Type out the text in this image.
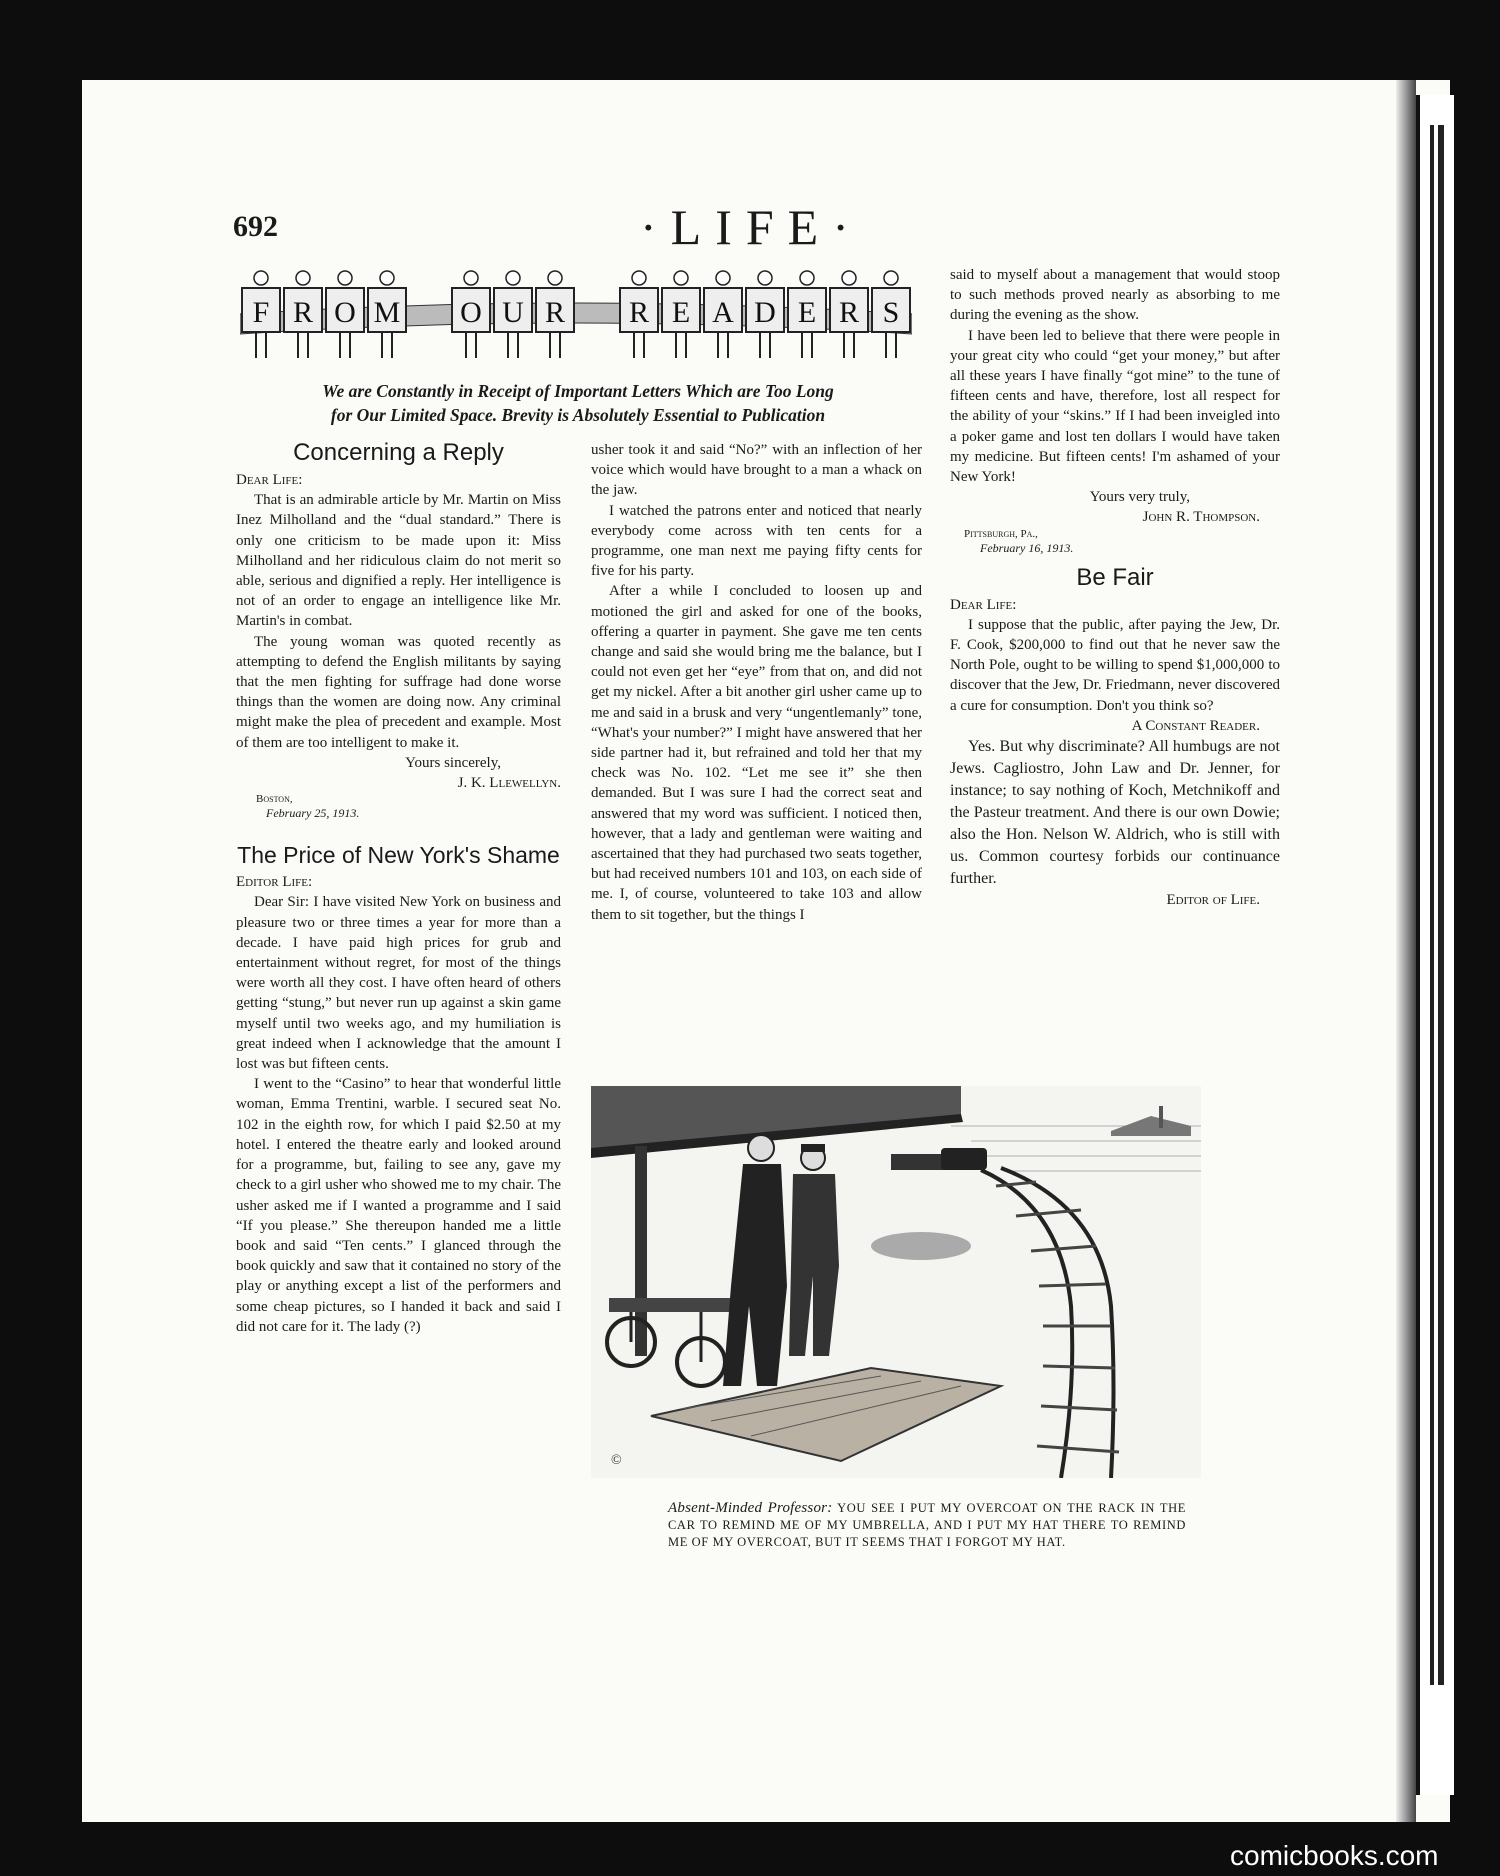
692	·LIFE·
F R O M O U R R E A D E R S
We are Constantly in Receipt of Important Letters Which are Too Long
for Our Limited Space. Brevity is Absolutely Essential to Publication
Concerning a Reply

Dear Life:

That is an admirable article by Mr. Martin on Miss Inez Milholland and the “dual standard.” There is only one criticism to be made upon it: Miss Milholland and her ridiculous claim do not merit so able, serious and dignified a reply. Her intelligence is not of an order to engage an intelligence like Mr. Martin's in combat.

The young woman was quoted recently as attempting to defend the English militants by saying that the men fighting for suffrage had done worse things than the women are doing now. Any criminal might make the plea of precedent and example. Most of them are too intelligent to make it.

Yours sincerely,

J. K. Llewellyn.

Boston,

February 25, 1913.

The Price of New York's Shame

Editor Life:

Dear Sir: I have visited New York on business and pleasure two or three times a year for more than a decade. I have paid high prices for grub and entertainment without regret, for most of the things were worth all they cost. I have often heard of others getting “stung,” but never run up against a skin game myself until two weeks ago, and my humiliation is great indeed when I acknowledge that the amount I lost was but fifteen cents.

I went to the “Casino” to hear that wonderful little woman, Emma Trentini, warble. I secured seat No. 102 in the eighth row, for which I paid $2.50 at my hotel. I entered the theatre early and looked around for a programme, but, failing to see any, gave my check to a girl usher who showed me to my chair. The usher asked me if I wanted a programme and I said “If you please.” She thereupon handed me a little book and said “Ten cents.” I glanced through the book quickly and saw that it contained no story of the play or anything except a list of the performers and some cheap pictures, so I handed it back and said I did not care for it. The lady (?)

usher took it and said “No?” with an inflection of her voice which would have brought to a man a whack on the jaw.

I watched the patrons enter and noticed that nearly everybody come across with ten cents for a programme, one man next me paying fifty cents for five for his party.

After a while I concluded to loosen up and motioned the girl and asked for one of the books, offering a quarter in payment. She gave me ten cents change and said she would bring me the balance, but I could not even get her “eye” from that on, and did not get my nickel. After a bit another girl usher came up to me and said in a brusk and very “ungentlemanly” tone, “What's your number?” I might have answered that her side partner had it, but refrained and told her that my check was No. 102. “Let me see it” she then demanded. But I was sure I had the correct seat and answered that my word was sufficient. I noticed then, however, that a lady and gentleman were waiting and ascertained that they had purchased two seats together, but had received numbers 101 and 103, on each side of me. I, of course, volunteered to take 103 and allow them to sit together, but the things I

said to myself about a management that would stoop to such methods proved nearly as absorbing to me during the evening as the show.

I have been led to believe that there were people in your great city who could “get your money,” but after all these years I have finally “got mine” to the tune of fifteen cents and have, therefore, lost all respect for the ability of your “skins.” If I had been inveigled into a poker game and lost ten dollars I would have taken my medicine. But fifteen cents! I'm ashamed of your New York!

Yours very truly,

John R. Thompson.

Pittsburgh, Pa.,

February 16, 1913.

Be Fair

Dear Life:

I suppose that the public, after paying the Jew, Dr. F. Cook, $200,000 to find out that he never saw the North Pole, ought to be willing to spend $1,000,000 to discover that the Jew, Dr. Friedmann, never discovered a cure for consumption. Don't you think so?

A Constant Reader.

Yes. But why discriminate? All humbugs are not Jews. Cagliostro, John Law and Dr. Jenner, for instance; to say nothing of Koch, Metchnikoff and the Pasteur treatment. And there is our own Dowie; also the Hon. Nelson W. Aldrich, who is still with us. Common courtesy forbids our continuance further.

Editor of Life.

©
Absent-Minded Professor: YOU SEE I PUT MY OVERCOAT ON THE RACK IN THE CAR TO REMIND ME OF MY UMBRELLA, AND I PUT MY HAT THERE TO REMIND ME OF MY OVERCOAT, BUT IT SEEMS THAT I FORGOT MY HAT.
comicbooks.com
